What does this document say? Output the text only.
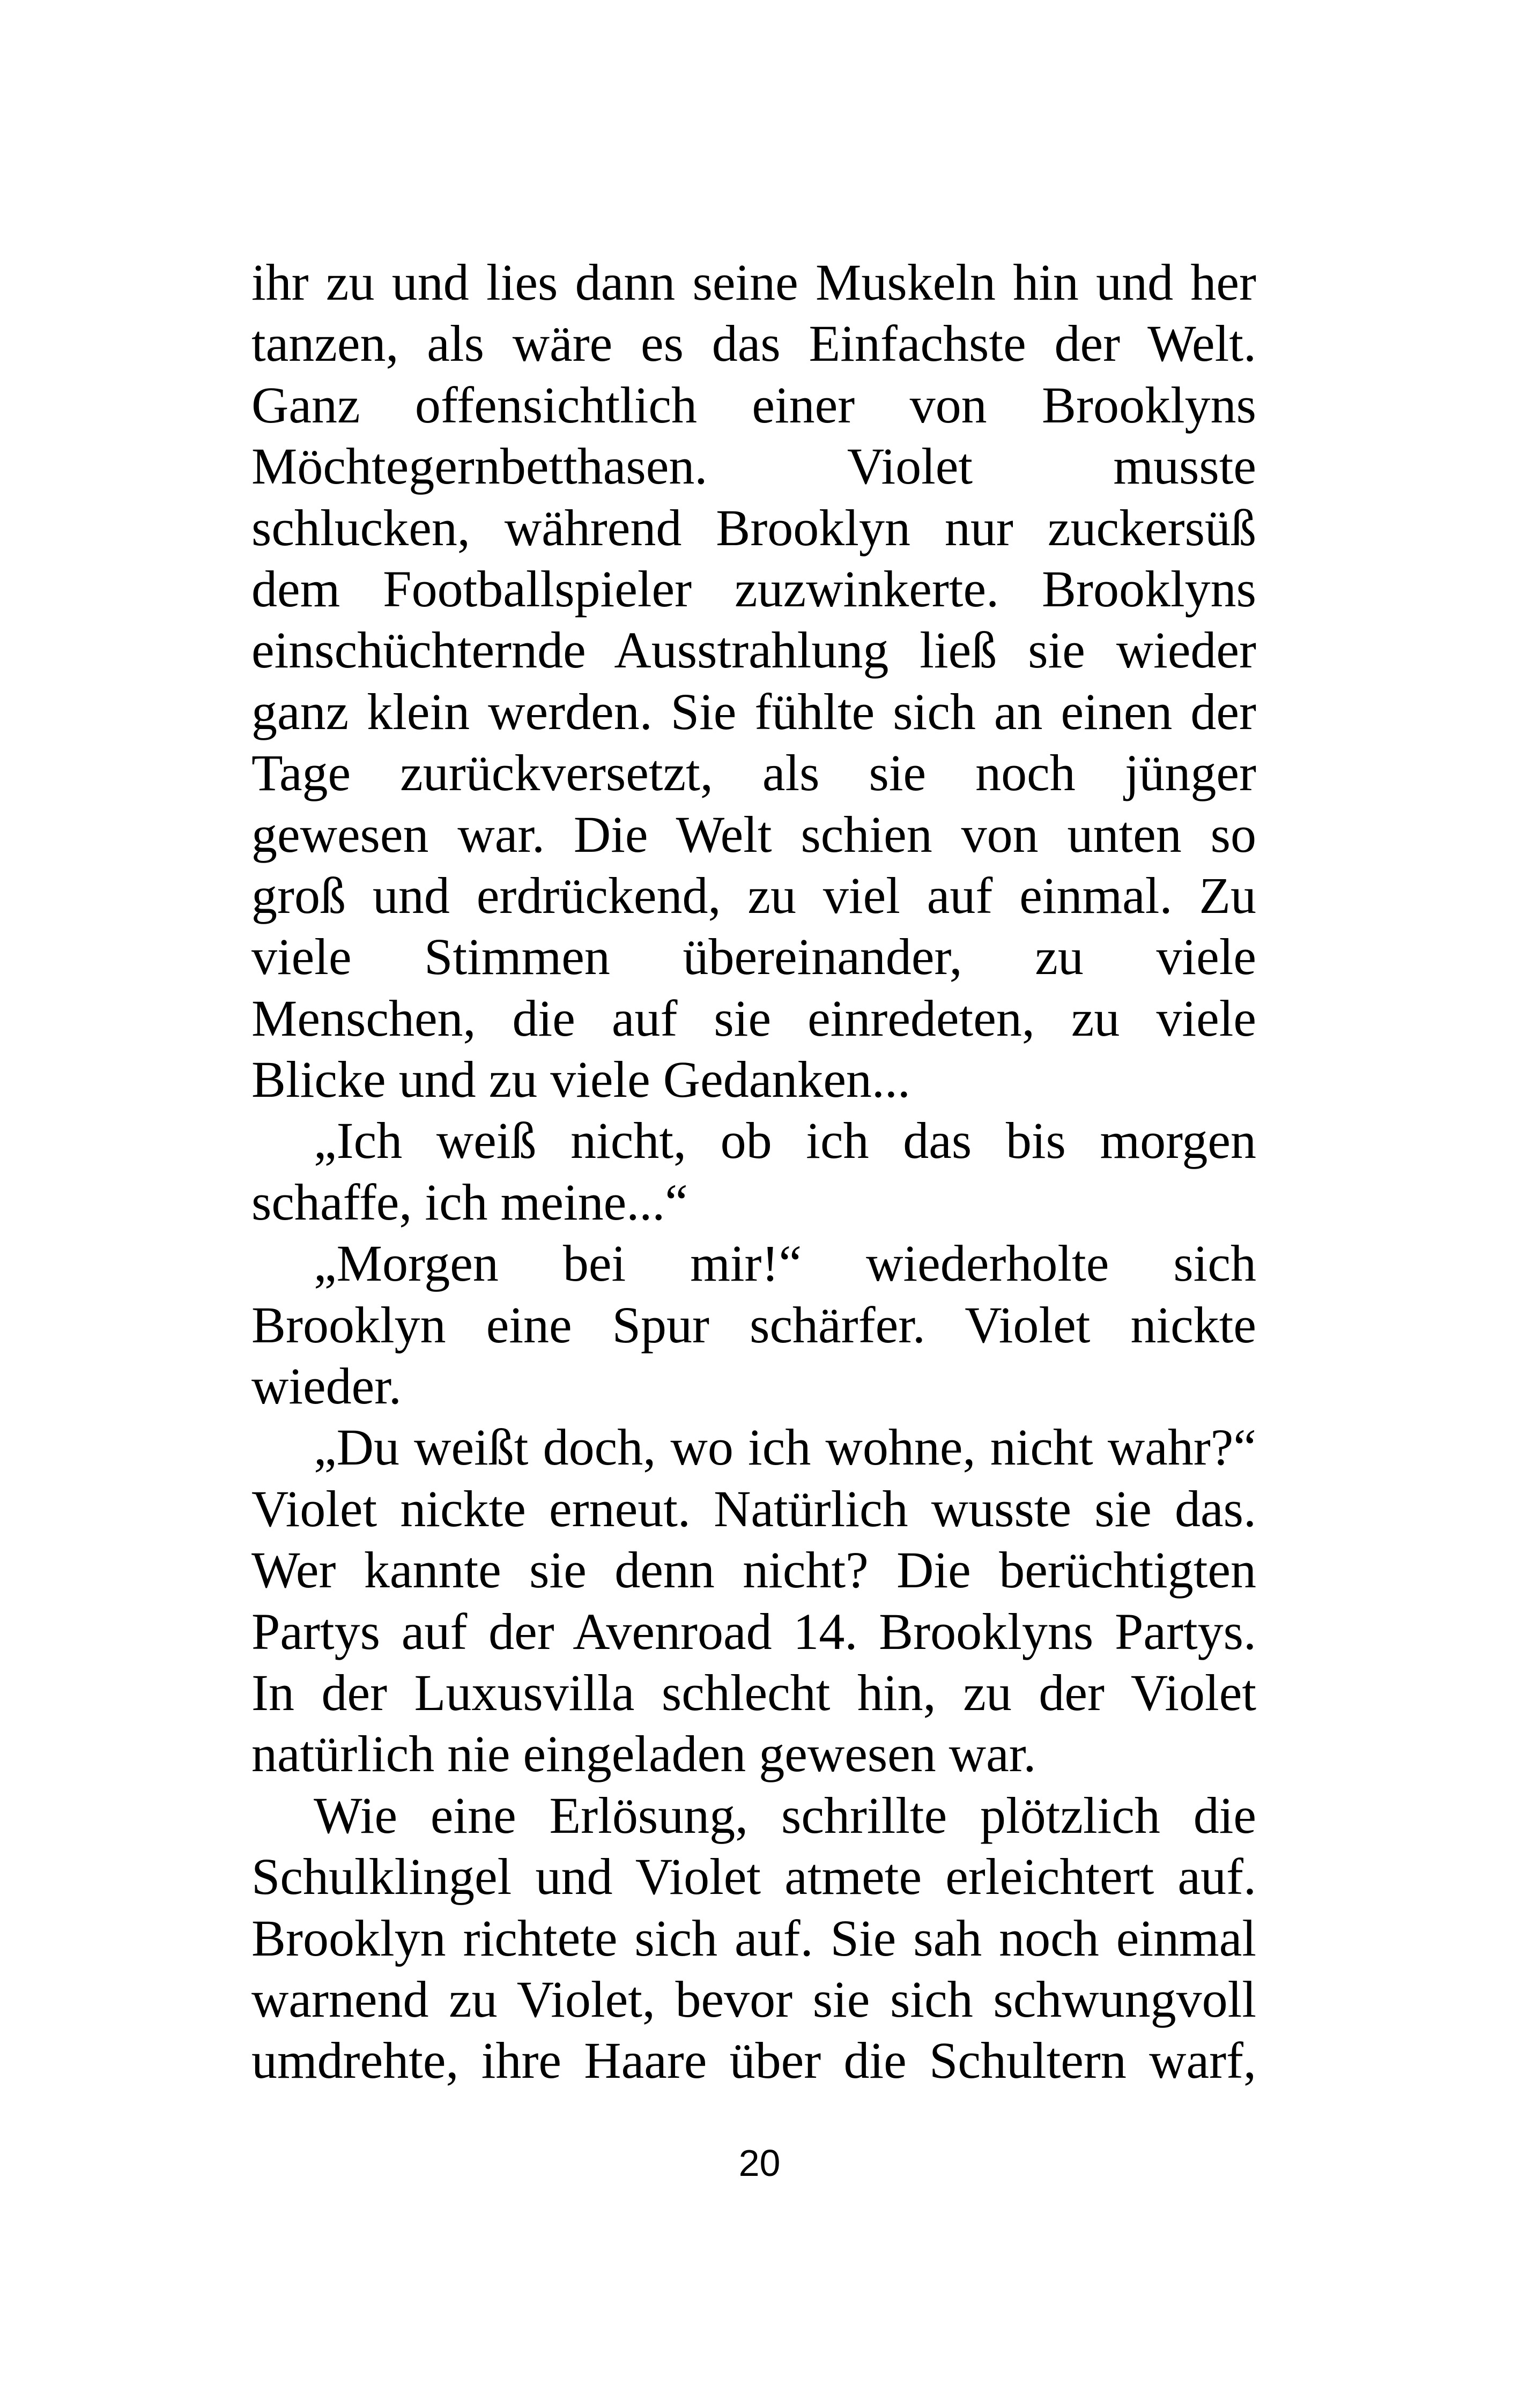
ihr zu und lies dann seine Muskeln hin und her
tanzen, als wäre es das Einfachste der Welt.
Ganz offensichtlich einer von Brooklyns
Möchtegernbetthasen. Violet musste
schlucken, während Brooklyn nur zuckersüß
dem Footballspieler zuzwinkerte. Brooklyns
einschüchternde Ausstrahlung ließ sie wieder
ganz klein werden. Sie fühlte sich an einen der
Tage zurückversetzt, als sie noch jünger
gewesen war. Die Welt schien von unten so
groß und erdrückend, zu viel auf einmal. Zu
viele Stimmen übereinander, zu viele
Menschen, die auf sie einredeten, zu viele
Blicke und zu viele Gedanken...
„Ich weiß nicht, ob ich das bis morgen
schaffe, ich meine...“
„Morgen bei mir!“ wiederholte sich
Brooklyn eine Spur schärfer. Violet nickte
wieder.
„Du weißt doch, wo ich wohne, nicht wahr?“
Violet nickte erneut. Natürlich wusste sie das.
Wer kannte sie denn nicht? Die berüchtigten
Partys auf der Avenroad 14. Brooklyns Partys.
In der Luxusvilla schlecht hin, zu der Violet
natürlich nie eingeladen gewesen war.
Wie eine Erlösung, schrillte plötzlich die
Schulklingel und Violet atmete erleichtert auf.
Brooklyn richtete sich auf. Sie sah noch einmal
warnend zu Violet, bevor sie sich schwungvoll
umdrehte, ihre Haare über die Schultern warf,
20
